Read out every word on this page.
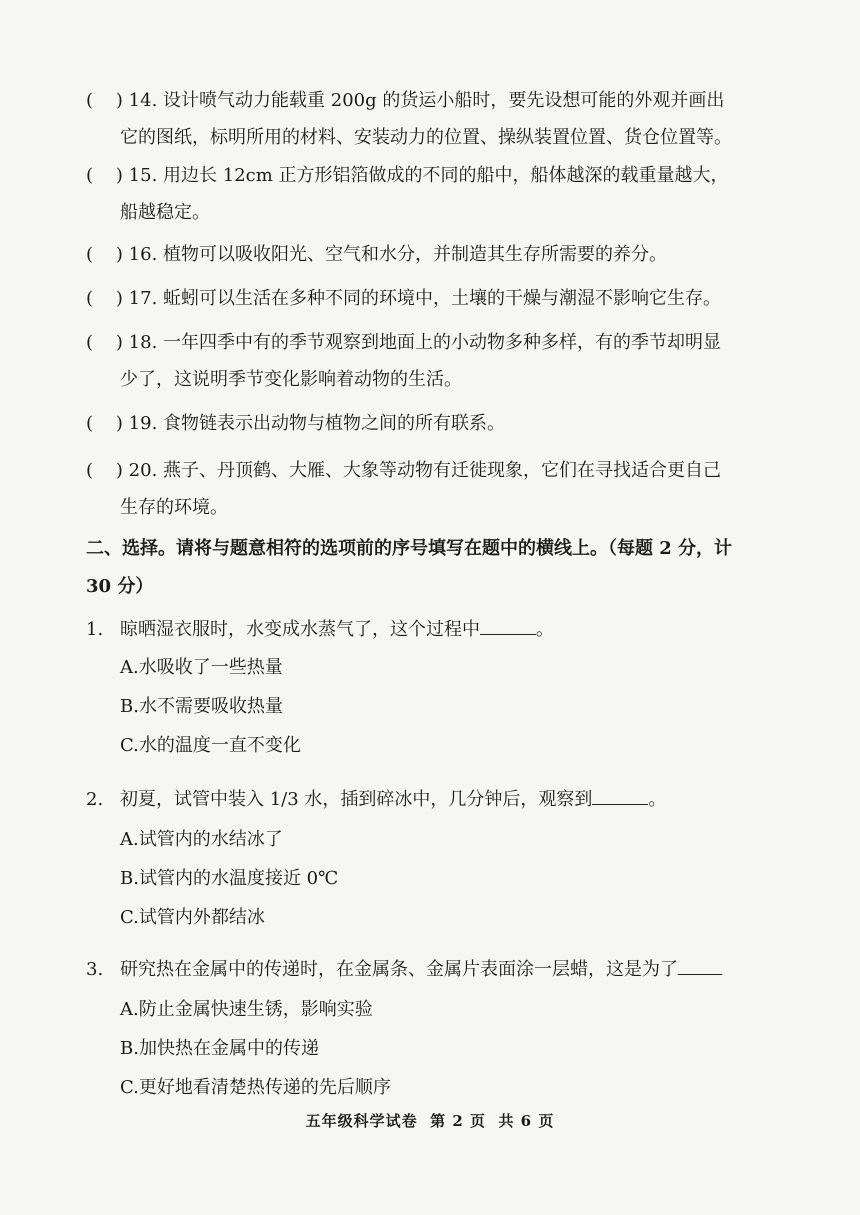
(    ) 14. 设计喷气动力能载重 200g 的货运小船时，要先设想可能的外观并画出
它的图纸，标明所用的材料、安装动力的位置、操纵装置位置、货仓位置等。
(    ) 15. 用边长 12cm 正方形铝箔做成的不同的船中，船体越深的载重量越大，
船越稳定。
(    ) 16. 植物可以吸收阳光、空气和水分，并制造其生存所需要的养分。
(    ) 17. 蚯蚓可以生活在多种不同的环境中，土壤的干燥与潮湿不影响它生存。
(    ) 18. 一年四季中有的季节观察到地面上的小动物多种多样，有的季节却明显
少了，这说明季节变化影响着动物的生活。
(    ) 19. 食物链表示出动物与植物之间的所有联系。
(    ) 20. 燕子、丹顶鹤、大雁、大象等动物有迁徙现象，它们在寻找适合更自己
生存的环境。
二、选择。请将与题意相符的选项前的序号填写在题中的横线上。（每题 2 分，计
30 分）
1. 晾晒湿衣服时，水变成水蒸气了，这个过程中	。
A.水吸收了一些热量
B.水不需要吸收热量
C.水的温度一直不变化
2. 初夏，试管中装入 1/3 水，插到碎冰中，几分钟后，观察到	。
A.试管内的水结冰了
B.试管内的水温度接近 0℃
C.试管内外都结冰
3. 研究热在金属中的传递时，在金属条、金属片表面涂一层蜡，这是为了
A.防止金属快速生锈，影响实验
B.加快热在金属中的传递
C.更好地看清楚热传递的先后顺序
五年级科学试卷  第 2 页  共 6 页
